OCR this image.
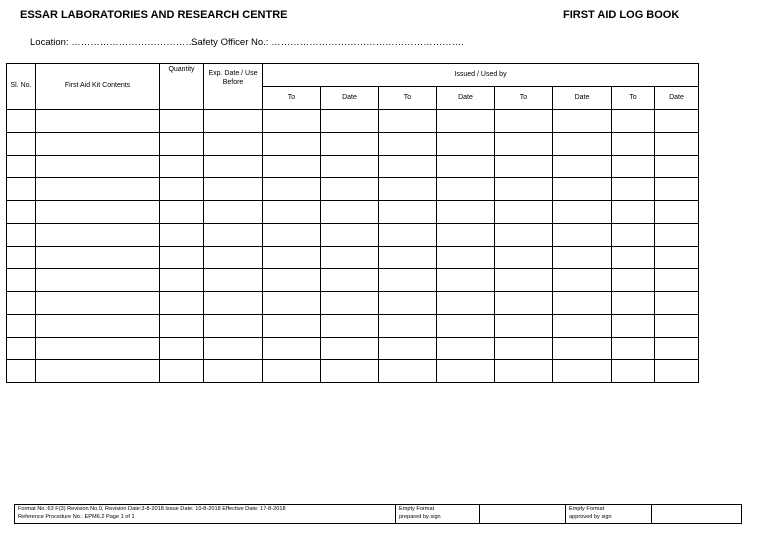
ESSAR LABORATORIES AND RESEARCH CENTRE	FIRST AID LOG BOOK
Location: ………………………………….
Safety Officer No.: …………………………………………………….
Sl. No.	First Aid Kit Contents	Quantity	Exp. Date / Use Before	Issued / Used by							
				To	Date	To	Date	To	Date	To	Date

Format No.:63 F(3) Revision No.0, Revision Date:3-8-2018 Issue Date: 10-8-2018 Effective Date: 17-8-2018
Reference Procedure No.: EPM6.2 Page 1 of 1

Empty Format
prepared by sign

Empty Format
approved by sign
